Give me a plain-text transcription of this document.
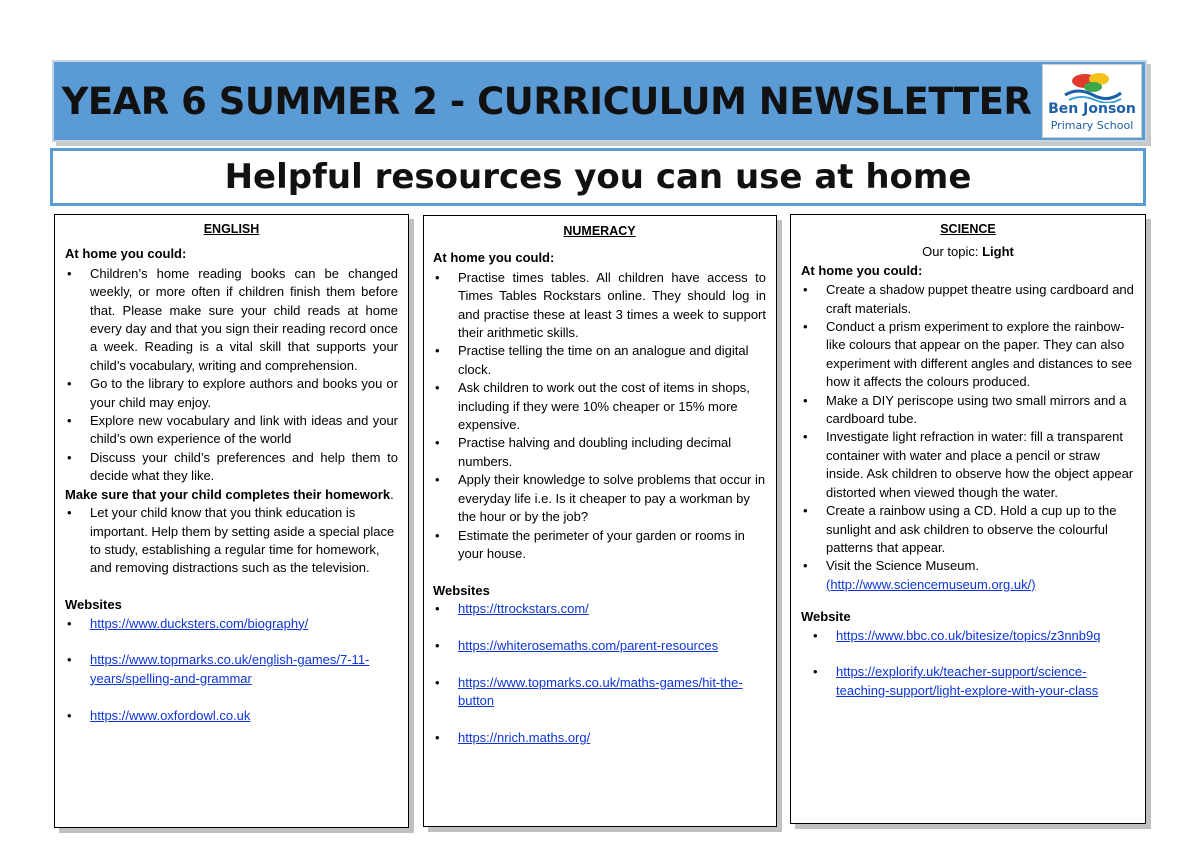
YEAR 6 SUMMER 2 - CURRICULUM NEWSLETTER	Ben Jonson
Primary School
Helpful resources you can use at home
ENGLISH
At home you could:
• Children’s home reading books can be changed weekly, or more often if children finish them before that. Please make sure your child reads at home every day and that you sign their reading record once a week. Reading is a vital skill that supports your child’s vocabulary, writing and comprehension.
• Go to the library to explore authors and books you or your child may enjoy.
• Explore new vocabulary and link with ideas and your child’s own experience of the world
• Discuss your child’s preferences and help them to decide what they like.
Make sure that your child completes their homework.
• Let your child know that you think education is important. Help them by setting aside a special place to study, establishing a regular time for homework, and removing distractions such as the television.
Websites
• https://www.ducksters.com/biography/
• https://www.topmarks.co.uk/english-games/7-11-years/spelling-and-grammar
• https://www.oxfordowl.co.uk
NUMERACY
At home you could:
• Practise times tables. All children have access to Times Tables Rockstars online. They should log in and practise these at least 3 times a week to support their arithmetic skills.
• Practise telling the time on an analogue and digital clock.
• Ask children to work out the cost of items in shops, including if they were 10% cheaper or 15% more expensive.
• Practise halving and doubling including decimal numbers.
• Apply their knowledge to solve problems that occur in everyday life i.e. Is it cheaper to pay a workman by the hour or by the job?
• Estimate the perimeter of your garden or rooms in your house.
Websites
• https://ttrockstars.com/
• https://whiterosemaths.com/parent-resources
• https://www.topmarks.co.uk/maths-games/hit-the-button
• https://nrich.maths.org/
SCIENCE
Our topic: Light
At home you could:
• Create a shadow puppet theatre using cardboard and craft materials.
• Conduct a prism experiment to explore the rainbow-like colours that appear on the paper. They can also experiment with different angles and distances to see how it affects the colours produced.
• Make a DIY periscope using two small mirrors and a cardboard tube.
• Investigate light refraction in water: fill a transparent container with water and place a pencil or straw inside. Ask children to observe how the object appear distorted when viewed though the water.
• Create a rainbow using a CD. Hold a cup up to the sunlight and ask children to observe the colourful patterns that appear.
• Visit the Science Museum.
(http://www.sciencemuseum.org.uk/)
Website
• https://www.bbc.co.uk/bitesize/topics/z3nnb9q
• https://explorify.uk/teacher-support/science-teaching-support/light-explore-with-your-class
